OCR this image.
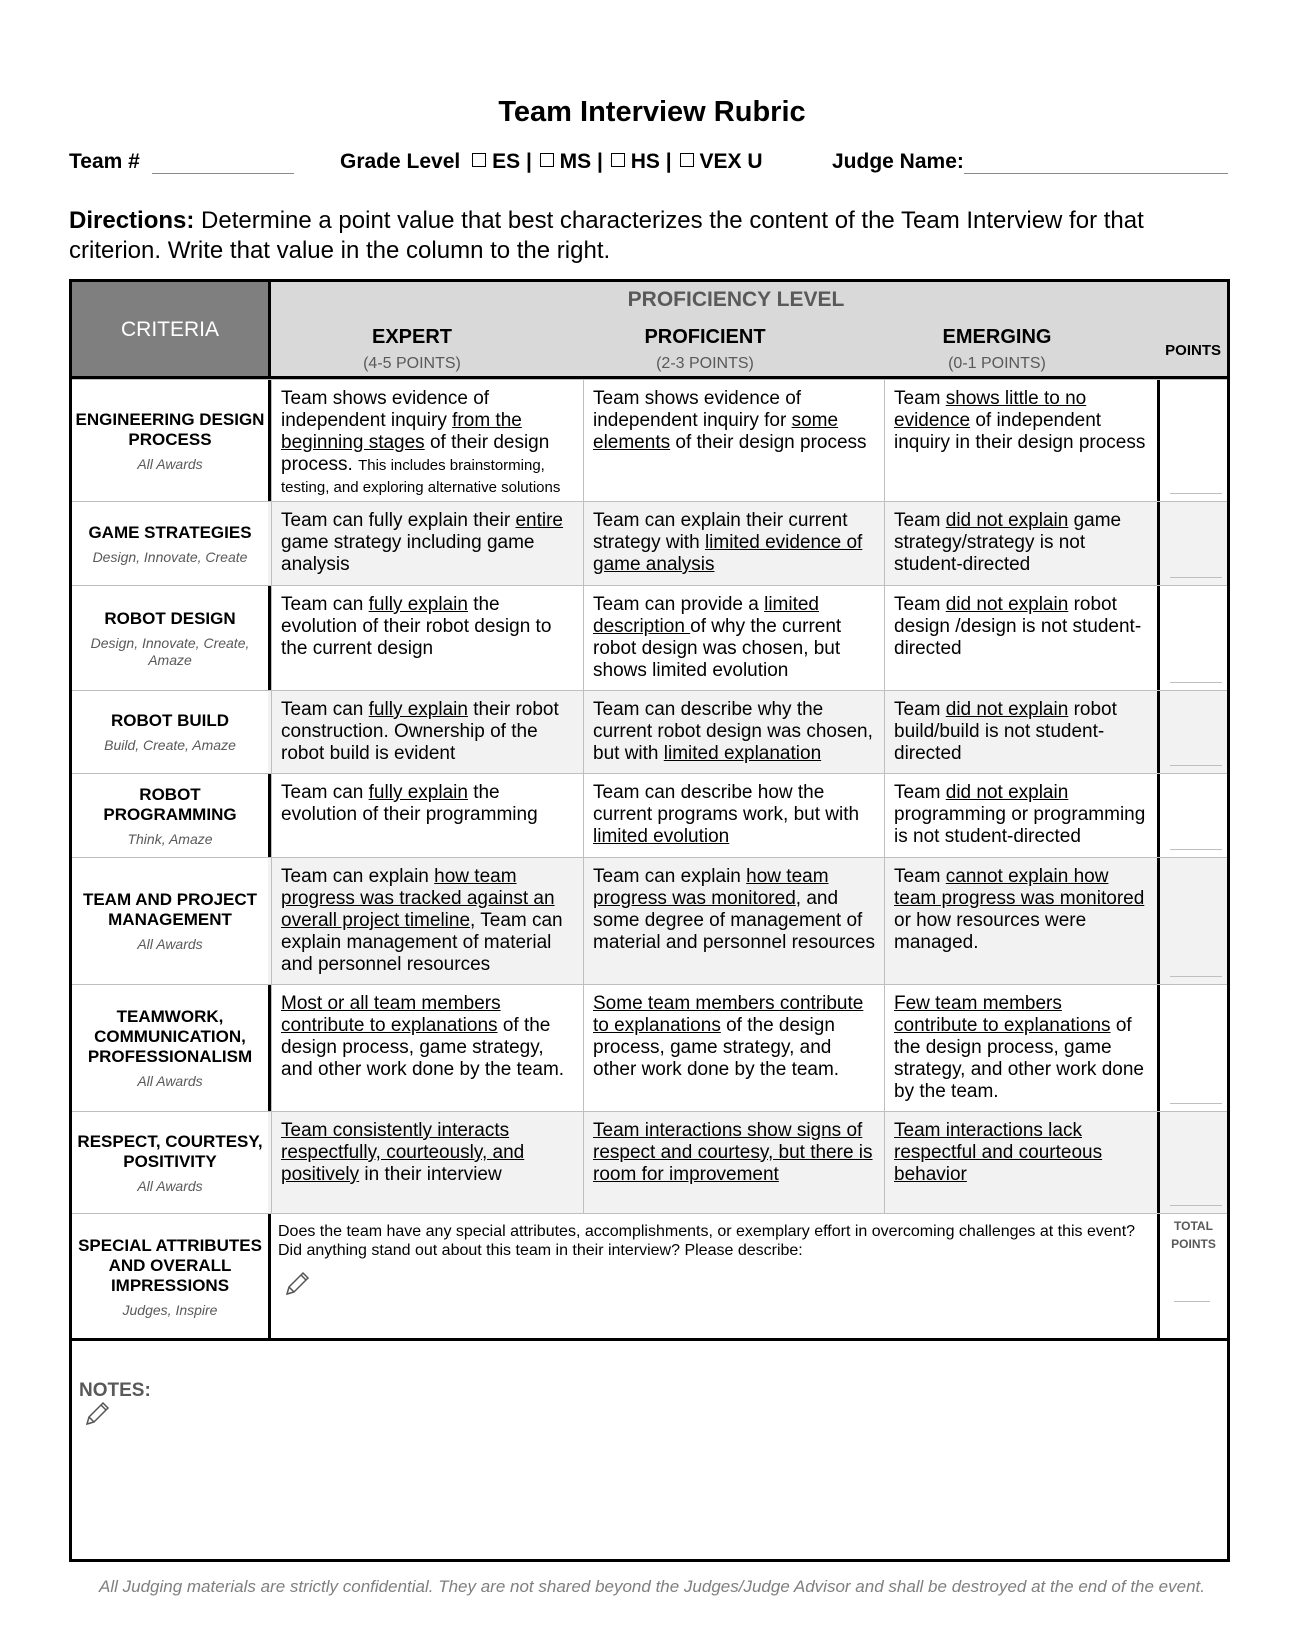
Team Interview Rubric
Team #	Grade Level ES | MS | HS | VEX U	Judge Name:
Directions: Determine a point value that best characterizes the content of the Team Interview for that criterion. Write that value in the column to the right.
CRITERIA
PROFICIENCY LEVEL
EXPERT
(4-5 POINTS)
PROFICIENT
(2-3 POINTS)
EMERGING
(0-1 POINTS)
POINTS
ENGINEERING DESIGN PROCESS
All Awards
Team shows evidence of independent inquiry from the beginning stages of their design process. This includes brainstorming, testing, and exploring alternative solutions
Team shows evidence of independent inquiry for some elements of their design process
Team shows little to no evidence of independent inquiry in their design process
GAME STRATEGIES
Design, Innovate, Create
Team can fully explain their entire game strategy including game analysis
Team can explain their current strategy with limited evidence of game analysis
Team did not explain game strategy/strategy is not student-directed
ROBOT DESIGN
Design, Innovate, Create, Amaze
Team can fully explain the evolution of their robot design to the current design
Team can provide a limited description of why the current robot design was chosen, but shows limited evolution
Team did not explain robot design /design is not student-directed
ROBOT BUILD
Build, Create, Amaze
Team can fully explain their robot construction. Ownership of the robot build is evident
Team can describe why the current robot design was chosen, but with limited explanation
Team did not explain robot build/build is not student-directed
ROBOT PROGRAMMING
Think, Amaze
Team can fully explain the evolution of their programming
Team can describe how the current programs work, but with limited evolution
Team did not explain programming or programming is not student-directed
TEAM AND PROJECT MANAGEMENT
All Awards
Team can explain how team progress was tracked against an overall project timeline, Team can explain management of material and personnel resources
Team can explain how team progress was monitored, and some degree of management of material and personnel resources
Team cannot explain how team progress was monitored or how resources were managed.
TEAMWORK, COMMUNICATION, PROFESSIONALISM
All Awards
Most or all team members contribute to explanations of the design process, game strategy, and other work done by the team.
Some team members contribute to explanations of the design process, game strategy, and other work done by the team.
Few team members contribute to explanations of the design process, game strategy, and other work done by the team.
RESPECT, COURTESY, POSITIVITY
All Awards
Team consistently interacts respectfully, courteously, and positively in their interview
Team interactions show signs of respect and courtesy, but there is room for improvement
Team interactions lack respectful and courteous behavior
SPECIAL ATTRIBUTES AND OVERALL IMPRESSIONS
Judges, Inspire
Does the team have any special attributes, accomplishments, or exemplary effort in overcoming challenges at this event? Did anything stand out about this team in their interview? Please describe:
TOTAL POINTS
NOTES:
All Judging materials are strictly confidential. They are not shared beyond the Judges/Judge Advisor and shall be destroyed at the end of the event.
